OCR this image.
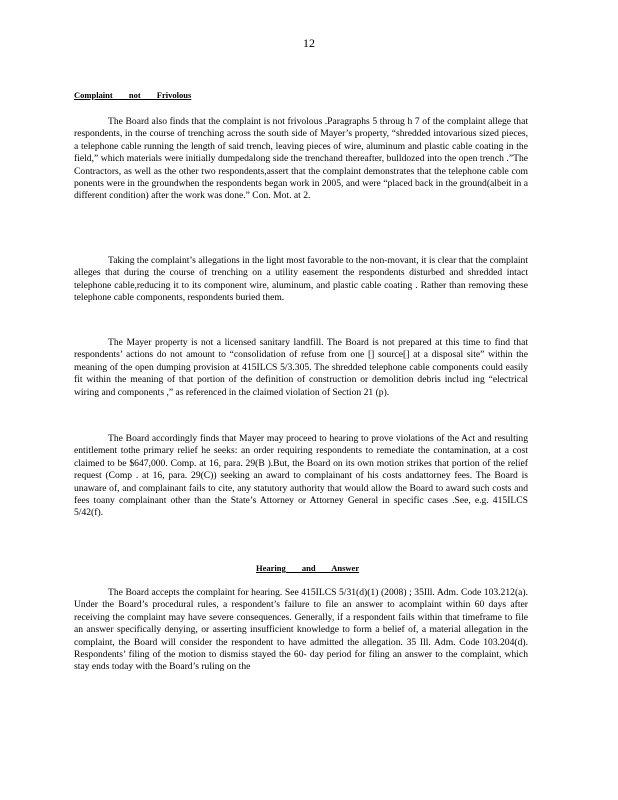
12
Complaint not Frivolous

The Board also finds that the complaint is not frivolous .Paragraphs 5 throug h 7 of the complaint allege that respondents, in the course of trenching across the south side of Mayer’s property, “shredded intovarious sized pieces, a telephone cable running the length of said trench, leaving pieces of wire, aluminum and plastic cable coating in the field,” which materials were initially dumpedalong side the trenchand thereafter, bulldozed into the open trench .”The Contractors, as well as the other two respondents,assert that the complaint demonstrates that the telephone cable com ponents were in the groundwhen the respondents began work in 2005, and were “placed back in the ground(albeit in a different condition) after the work was done.” Con. Mot. at 2.

Taking the complaint’s allegations in the light most favorable to the non-movant, it is clear that the complaint alleges that during the course of trenching on a utility easement the respondents disturbed and shredded intact telephone cable,reducing it to its component wire, aluminum, and plastic cable coating . Rather than removing these telephone cable components, respondents buried them.

The Mayer property is not a licensed sanitary landfill. The Board is not prepared at this time to find that respondents’ actions do not amount to “consolidation of refuse from one [] source[] at a disposal site” within the meaning of the open dumping provision at 415ILCS 5/3.305. The shredded telephone cable components could easily fit within the meaning of that portion of the definition of construction or demolition debris includ ing “electrical wiring and components ,” as referenced in the claimed violation of Section 21 (p).

The Board accordingly finds that Mayer may proceed to hearing to prove violations of the Act and resulting entitlement tothe primary relief he seeks: an order requiring respondents to remediate the contamination, at a cost claimed to be $647,000. Comp. at 16, para. 29(B ).But, the Board on its own motion strikes that portion of the relief request (Comp . at 16, para. 29(C)) seeking an award to complainant of his costs andattorney fees. The Board is unaware of, and complainant fails to cite, any statutory authority that would allow the Board to award such costs and fees toany complainant other than the State’s Attorney or Attorney General in specific cases .See, e.g. 415ILCS 5/42(f).

Hearing and Answer

The Board accepts the complaint for hearing. See 415ILCS 5/31(d)(1) (2008) ; 35Ill. Adm. Code 103.212(a). Under the Board’s procedural rules, a respondent’s failure to file an answer to acomplaint within 60 days after receiving the complaint may have severe consequences. Generally, if a respondent fails within that timeframe to file an answer specifically denying, or asserting insufficient knowledge to form a belief of, a material allegation in the complaint, the Board will consider the respondent to have admitted the allegation. 35 Ill. Adm. Code 103.204(d). Respondents’ filing of the motion to dismiss stayed the 60- day period for filing an answer to the complaint, which stay ends today with the Board’s ruling on the
